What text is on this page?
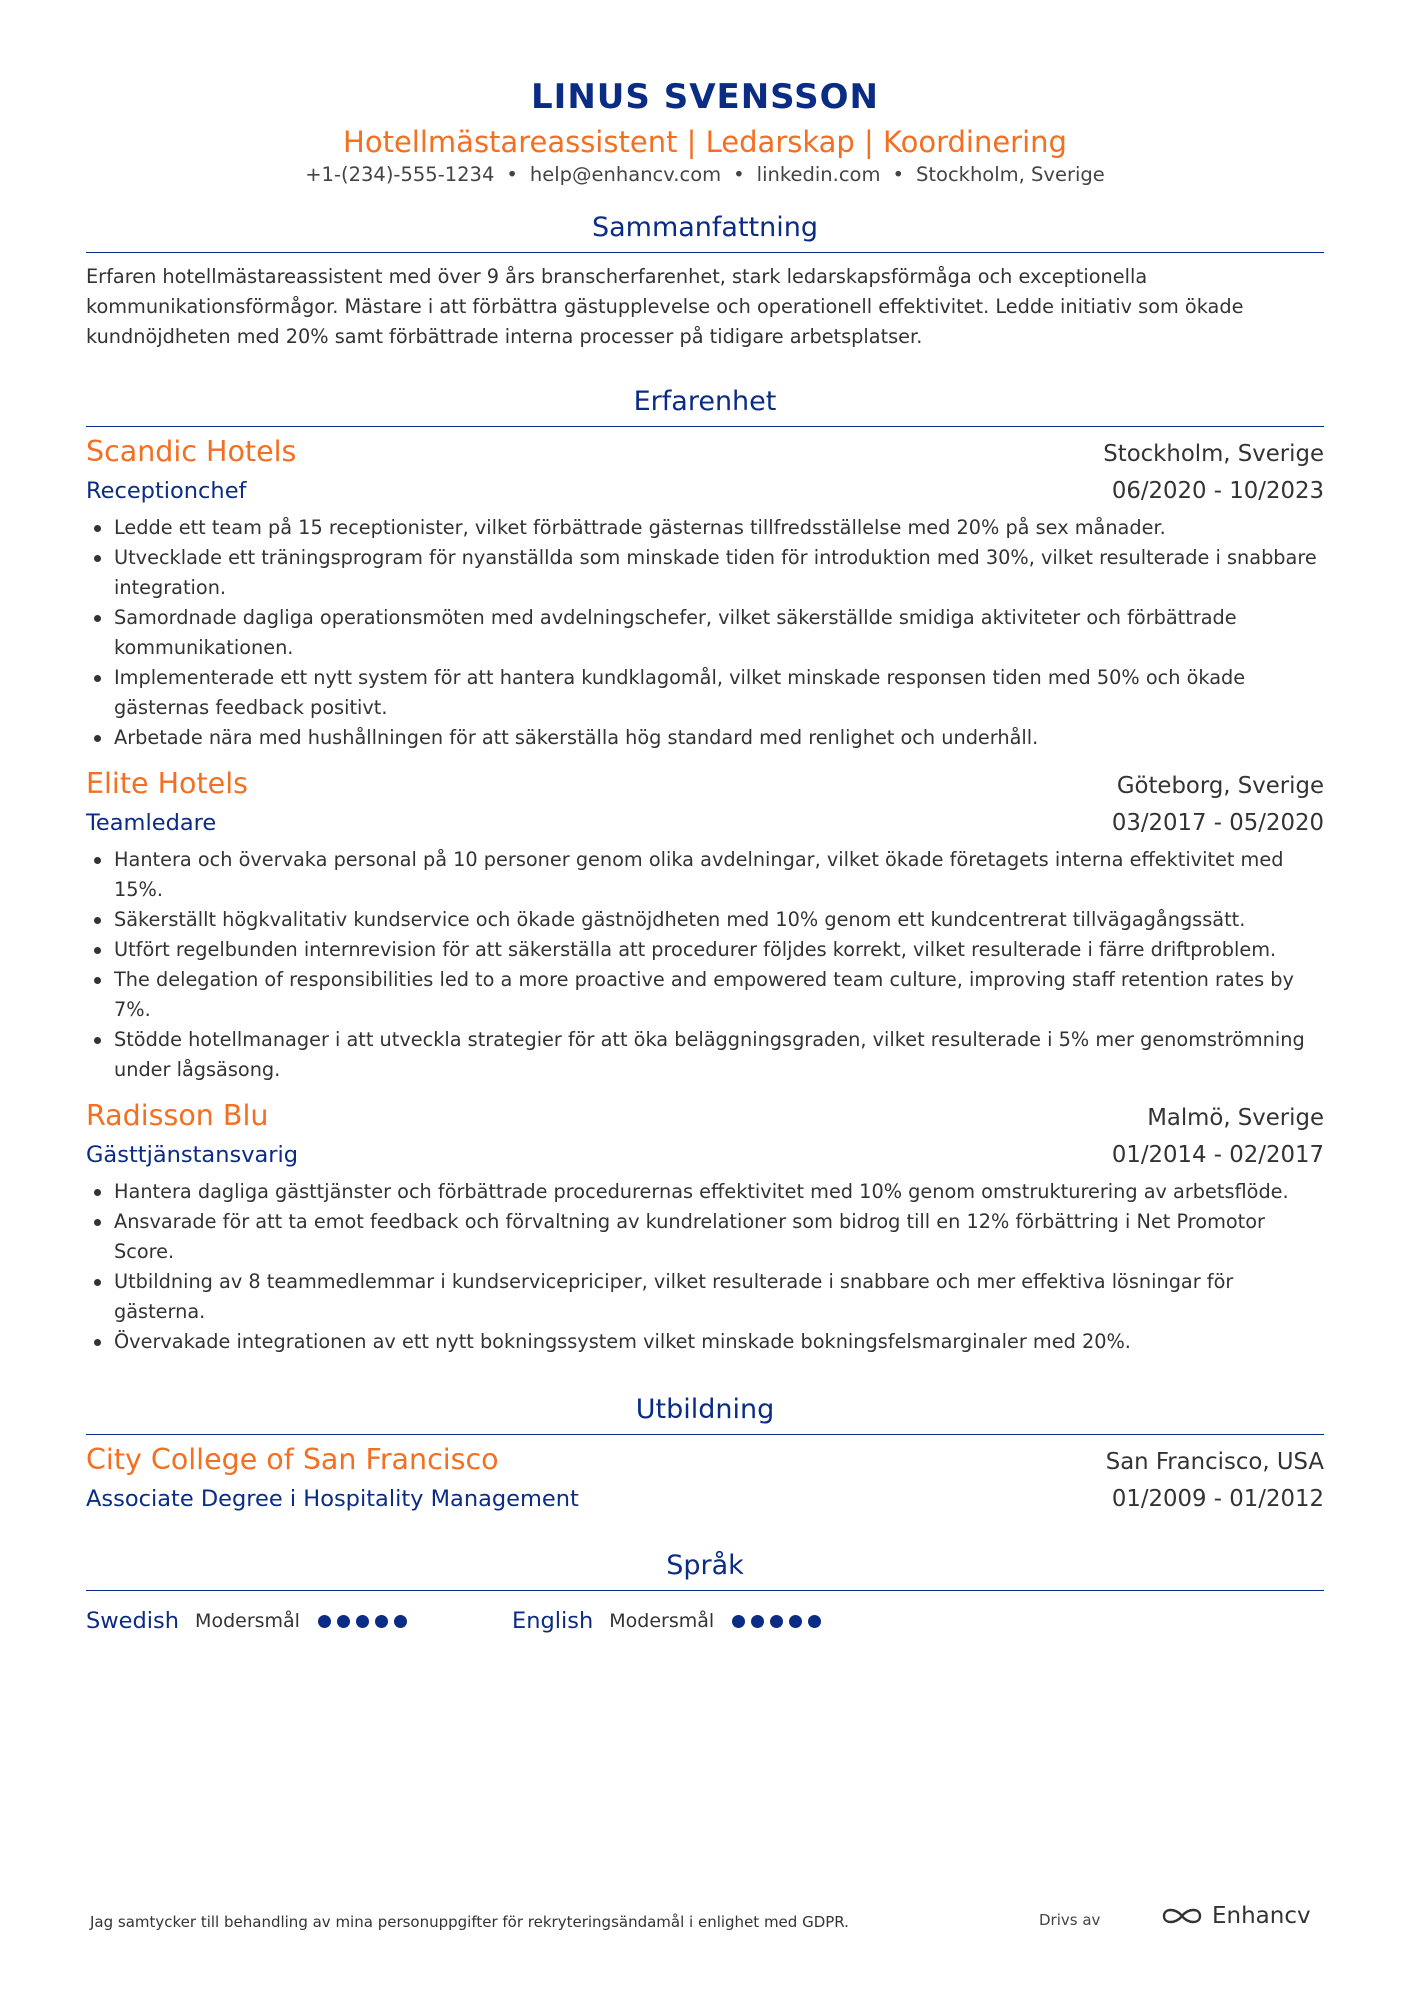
LINUS SVENSSON
Hotellmästareassistent | Ledarskap | Koordinering
+1-(234)-555-1234 • help@enhancv.com • linkedin.com • Stockholm, Sverige
Sammanfattning
Erfaren hotellmästareassistent med över 9 års branscherfarenhet, stark ledarskapsförmåga och exceptionella kommunikationsförmågor. Mästare i att förbättra gästupplevelse och operationell effektivitet. Ledde initiativ som ökade kundnöjdheten med 20% samt förbättrade interna processer på tidigare arbetsplatser.
Erfarenhet
Scandic Hotels	Stockholm, Sverige
Receptionchef	06/2020 - 10/2023
Ledde ett team på 15 receptionister, vilket förbättrade gästernas tillfredsställelse med 20% på sex månader.
Utvecklade ett träningsprogram för nyanställda som minskade tiden för introduktion med 30%, vilket resulterade i snabbare integration.
Samordnade dagliga operationsmöten med avdelningschefer, vilket säkerställde smidiga aktiviteter och förbättrade kommunikationen.
Implementerade ett nytt system för att hantera kundklagomål, vilket minskade responsen tiden med 50% och ökade gästernas feedback positivt.
Arbetade nära med hushållningen för att säkerställa hög standard med renlighet och underhåll.
Elite Hotels	Göteborg, Sverige
Teamledare	03/2017 - 05/2020
Hantera och övervaka personal på 10 personer genom olika avdelningar, vilket ökade företagets interna effektivitet med 15%.
Säkerställt högkvalitativ kundservice och ökade gästnöjdheten med 10% genom ett kundcentrerat tillvägagångssätt.
Utfört regelbunden internrevision för att säkerställa att procedurer följdes korrekt, vilket resulterade i färre driftproblem.
The delegation of responsibilities led to a more proactive and empowered team culture, improving staff retention rates by 7%.
Stödde hotellmanager i att utveckla strategier för att öka beläggningsgraden, vilket resulterade i 5% mer genomströmning under lågsäsong.
Radisson Blu	Malmö, Sverige
Gästtjänstansvarig	01/2014 - 02/2017
Hantera dagliga gästtjänster och förbättrade procedurernas effektivitet med 10% genom omstrukturering av arbetsflöde.
Ansvarade för att ta emot feedback och förvaltning av kundrelationer som bidrog till en 12% förbättring i Net Promotor Score.
Utbildning av 8 teammedlemmar i kundservicepriciper, vilket resulterade i snabbare och mer effektiva lösningar för gästerna.
Övervakade integrationen av ett nytt bokningssystem vilket minskade bokningsfelsmarginaler med 20%.
Utbildning
City College of San Francisco	San Francisco, USA
Associate Degree i Hospitality Management	01/2009 - 01/2012
Språk
Swedish Modersmål	English Modersmål
Jag samtycker till behandling av mina personuppgifter för rekryteringsändamål i enlighet med GDPR.	Drivs av	Enhancv
